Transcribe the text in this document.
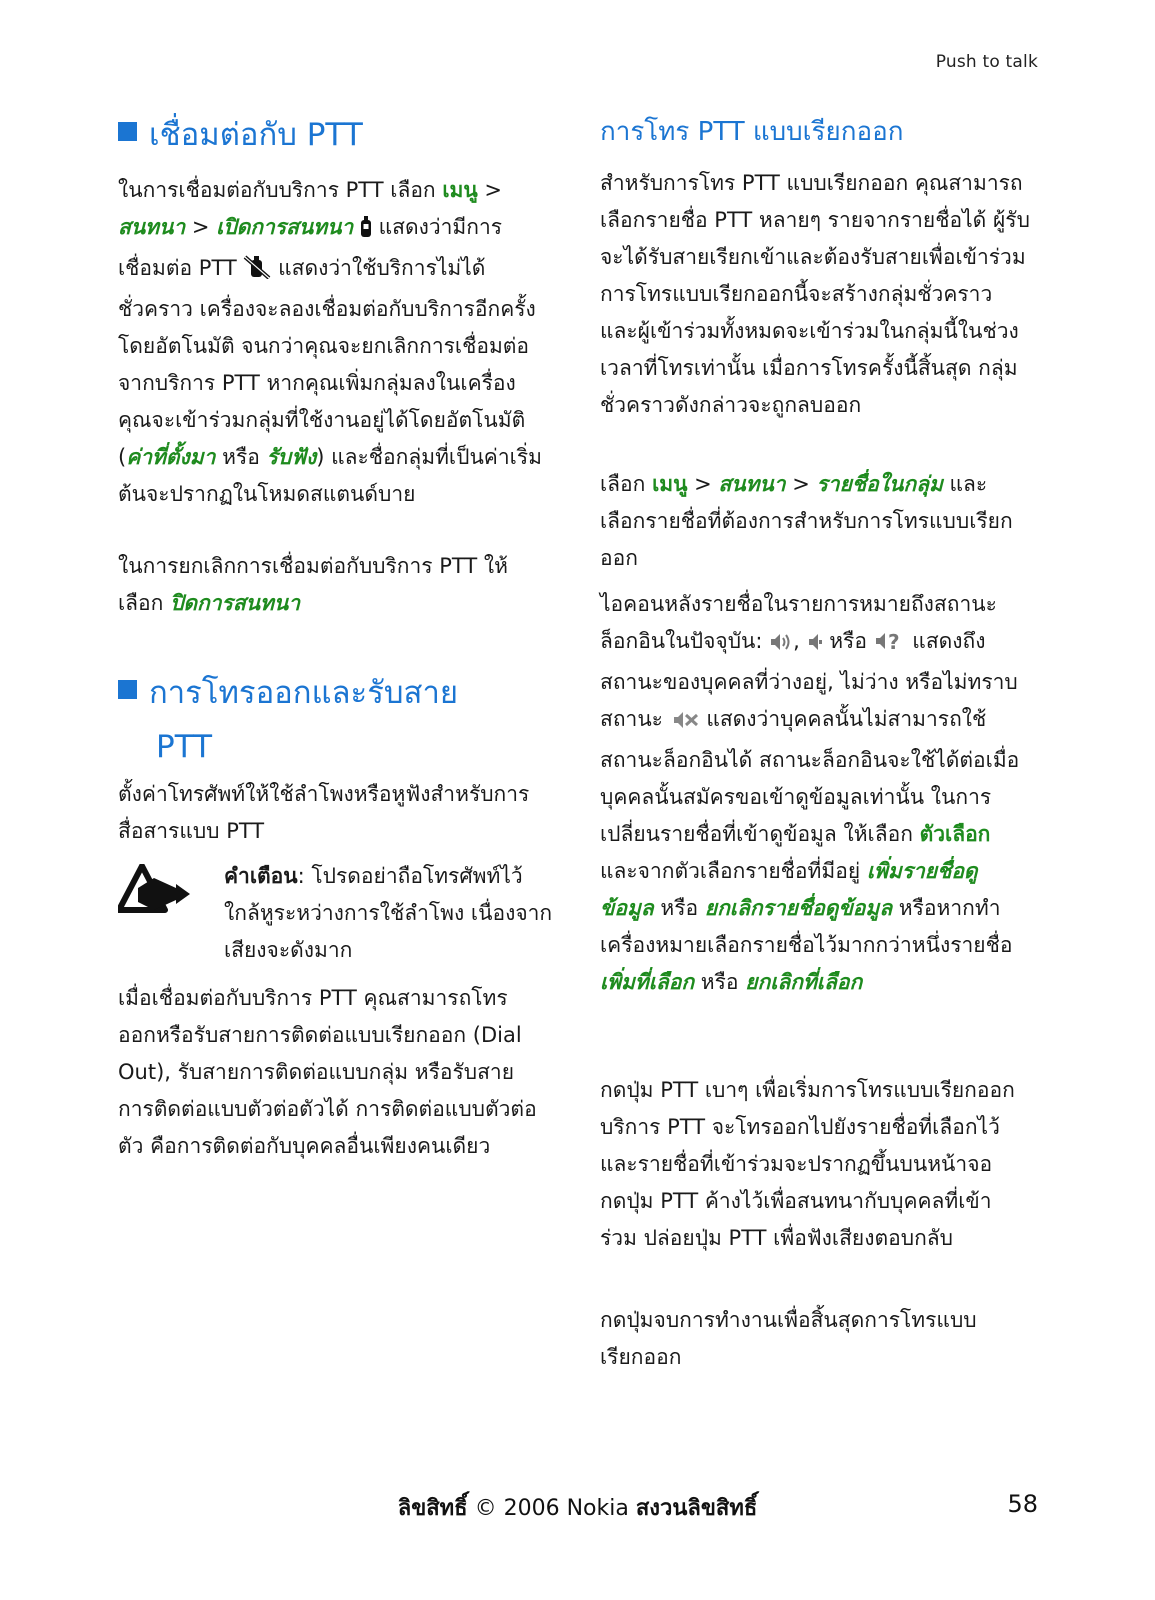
Push to talk
เชื่อมต่อกับ PTT

ในการเชื่อมต่อกับบริการ PTT เลือก เมนู > สนทนา > เปิดการสนทนา  แสดงว่ามีการเชื่อมต่อ PTT  แสดงว่าใช้บริการไม่ได้ชั่วคราว เครื่องจะลองเชื่อมต่อกับบริการอีกครั้งโดยอัตโนมัติ จนกว่าคุณจะยกเลิกการเชื่อมต่อจากบริการ PTT หากคุณเพิ่มกลุ่มลงในเครื่อง คุณจะเข้าร่วมกลุ่มที่ใช้งานอยู่ได้โดยอัตโนมัติ (ค่าที่ตั้งมา หรือ รับฟัง) และชื่อกลุ่มที่เป็นค่าเริ่มต้นจะปรากฏในโหมดสแตนด์บาย

ในการยกเลิกการเชื่อมต่อกับบริการ PTT ให้เลือก ปิดการสนทนา

การโทรออกและรับสาย
PTT

ตั้งค่าโทรศัพท์ให้ใช้ลำโพงหรือหูฟังสำหรับการสื่อสารแบบ PTT

คำเตือน: โปรดอย่าถือโทรศัพท์ไว้ใกล้หูระหว่างการใช้ลำโพง เนื่องจากเสียงจะดังมาก

เมื่อเชื่อมต่อกับบริการ PTT คุณสามารถโทรออกหรือรับสายการติดต่อแบบเรียกออก (Dial Out), รับสายการติดต่อแบบกลุ่ม หรือรับสายการติดต่อแบบตัวต่อตัวได้ การติดต่อแบบตัวต่อตัว คือการติดต่อกับบุคคลอื่นเพียงคนเดียว

การโทร PTT แบบเรียกออก

สำหรับการโทร PTT แบบเรียกออก คุณสามารถเลือกรายชื่อ PTT หลายๆ รายจากรายชื่อได้ ผู้รับจะได้รับสายเรียกเข้าและต้องรับสายเพื่อเข้าร่วม การโทรแบบเรียกออกนี้จะสร้างกลุ่มชั่วคราว และผู้เข้าร่วมทั้งหมดจะเข้าร่วมในกลุ่มนี้ในช่วงเวลาที่โทรเท่านั้น เมื่อการโทรครั้งนี้สิ้นสุด กลุ่มชั่วคราวดังกล่าวจะถูกลบออก

เลือก เมนู > สนทนา > รายชื่อในกลุ่ม และเลือกรายชื่อที่ต้องการสำหรับการโทรแบบเรียกออก

ไอคอนหลังรายชื่อในรายการหมายถึงสถานะล็อกอินในปัจจุบัน: ,  หรือ ? แสดงถึงสถานะของบุคคลที่ว่างอยู่, ไม่ว่าง หรือไม่ทราบสถานะ  แสดงว่าบุคคลนั้นไม่สามารถใช้สถานะล็อกอินได้ สถานะล็อกอินจะใช้ได้ต่อเมื่อบุคคลนั้นสมัครขอเข้าดูข้อมูลเท่านั้น ในการเปลี่ยนรายชื่อที่เข้าดูข้อมูล ให้เลือก ตัวเลือก และจากตัวเลือกรายชื่อที่มีอยู่ เพิ่มรายชื่อดูข้อมูล หรือ ยกเลิกรายชื่อดูข้อมูล หรือหากทำเครื่องหมายเลือกรายชื่อไว้มากกว่าหนึ่งรายชื่อ เพิ่มที่เลือก หรือ ยกเลิกที่เลือก

กดปุ่ม PTT เบาๆ เพื่อเริ่มการโทรแบบเรียกออก บริการ PTT จะโทรออกไปยังรายชื่อที่เลือกไว้ และรายชื่อที่เข้าร่วมจะปรากฏขึ้นบนหน้าจอ กดปุ่ม PTT ค้างไว้เพื่อสนทนากับบุคคลที่เข้าร่วม ปล่อยปุ่ม PTT เพื่อฟังเสียงตอบกลับ

กดปุ่มจบการทำงานเพื่อสิ้นสุดการโทรแบบเรียกออก

ลิขสิทธิ์ © 2006 Nokia สงวนลิขสิทธิ์	58
